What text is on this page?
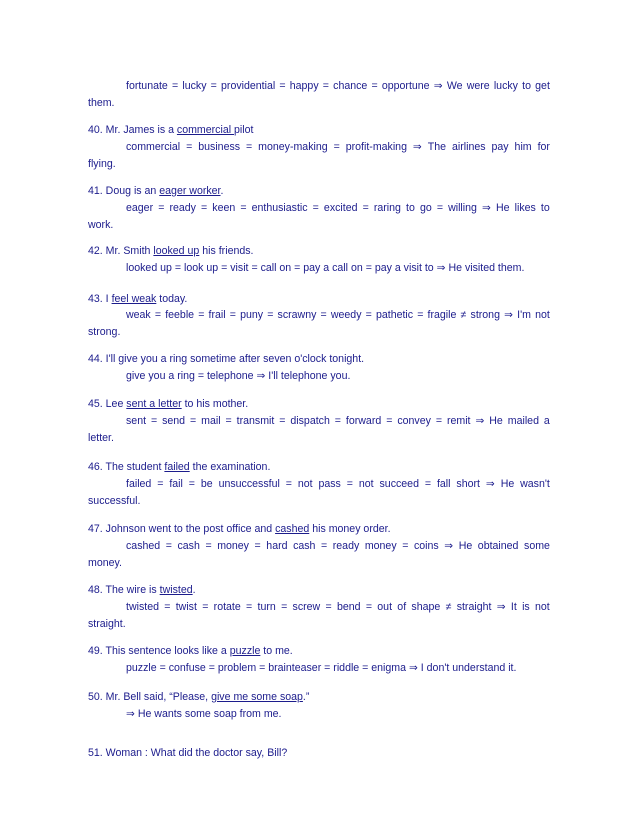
fortunate = lucky = providential = happy = chance = opportune ⇒ We were lucky to get
them.
40. Mr. James is a commercial pilot
commercial = business = money-making = profit-making ⇒ The airlines pay him for
flying.
41. Doug is an eager worker.
eager = ready = keen = enthusiastic = excited = raring to go = willing ⇒ He likes to
work.
42. Mr. Smith looked up his friends.
looked up = look up = visit = call on = pay a call on = pay a visit to ⇒ He visited them.
43. I feel weak today.
weak = feeble = frail = puny = scrawny = weedy = pathetic = fragile ≠ strong ⇒ I'm not
strong.
44. I'll give you a ring sometime after seven o'clock tonight.
give you a ring = telephone ⇒ I'll telephone you.
45. Lee sent a letter to his mother.
sent = send = mail = transmit = dispatch = forward = convey = remit ⇒ He mailed a
letter.
46. The student failed the examination.
failed = fail = be unsuccessful = not pass = not succeed = fall short ⇒ He wasn't
successful.
47. Johnson went to the post office and cashed his money order.
cashed = cash = money = hard cash = ready money = coins ⇒ He obtained some
money.
48. The wire is twisted.
twisted = twist = rotate = turn = screw = bend = out of shape ≠ straight ⇒ It is not
straight.
49. This sentence looks like a puzzle to me.
puzzle = confuse = problem = brainteaser = riddle = enigma ⇒ I don't understand it.
50. Mr. Bell said, “Please, give me some soap.”
⇒ He wants some soap from me.
51. Woman : What did the doctor say, Bill?
